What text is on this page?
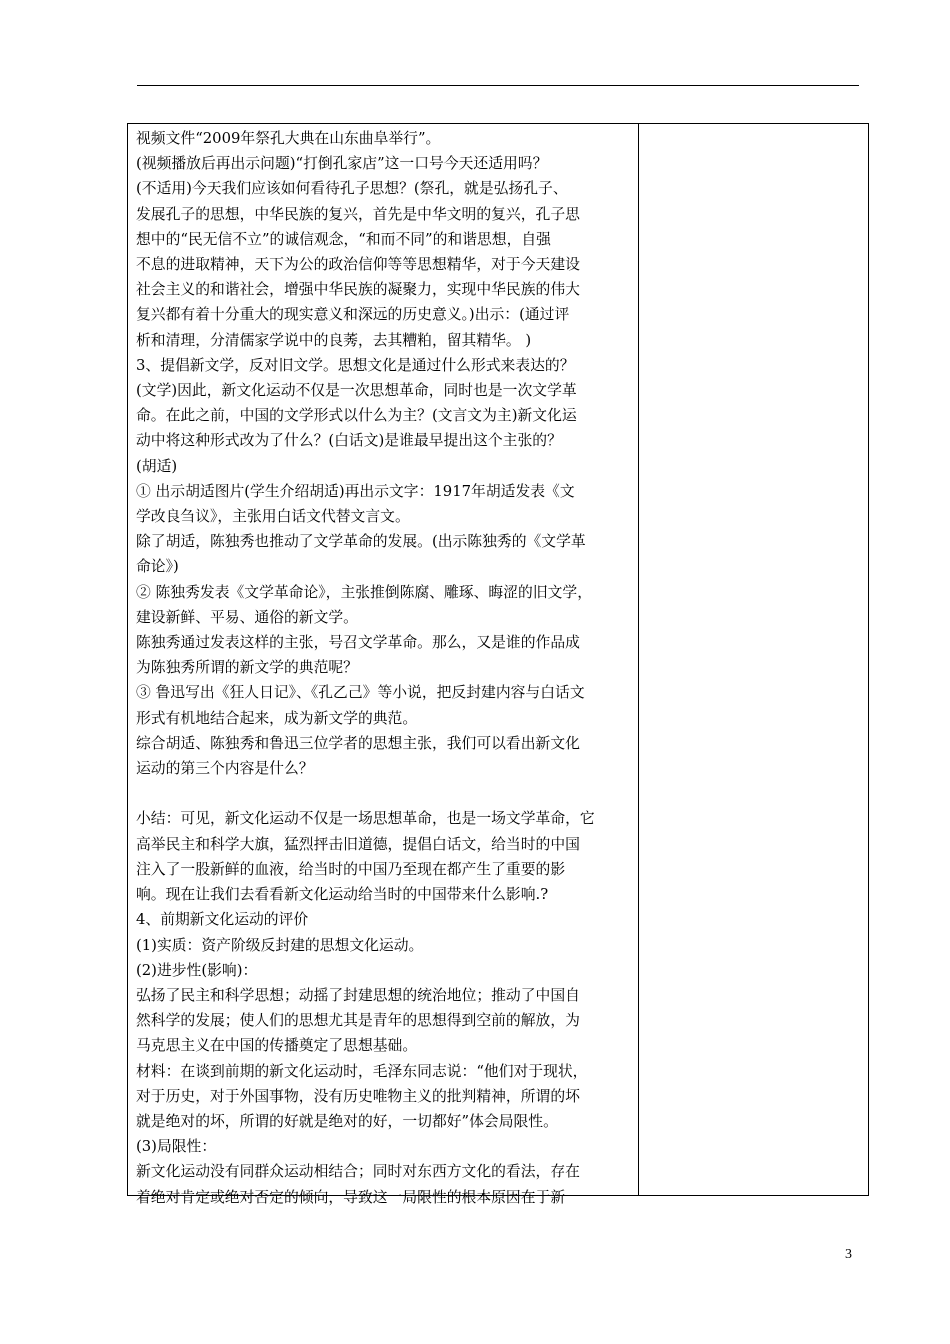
视频文件“2009年祭孔大典在山东曲阜举行”。

(视频播放后再出示问题)“打倒孔家店”这一口号今天还适用吗？

(不适用)今天我们应该如何看待孔子思想？(祭孔，就是弘扬孔子、

发展孔子的思想，中华民族的复兴，首先是中华文明的复兴，孔子思

想中的“民无信不立”的诚信观念，“和而不同”的和谐思想，自强

不息的进取精神，天下为公的政治信仰等等思想精华，对于今天建设

社会主义的和谐社会，增强中华民族的凝聚力，实现中华民族的伟大

复兴都有着十分重大的现实意义和深远的历史意义。)出示：(通过评

析和清理，分清儒家学说中的良莠，去其糟粕，留其精华。 )

3、提倡新文学，反对旧文学。思想文化是通过什么形式来表达的？

(文学)因此，新文化运动不仅是一次思想革命，同时也是一次文学革

命。在此之前，中国的文学形式以什么为主？(文言文为主)新文化运

动中将这种形式改为了什么？(白话文)是谁最早提出这个主张的？

(胡适)

① 出示胡适图片(学生介绍胡适)再出示文字：1917年胡适发表《文

学改良刍议》，主张用白话文代替文言文。

除了胡适，陈独秀也推动了文学革命的发展。(出示陈独秀的《文学革

命论》)

② 陈独秀发表《文学革命论》，主张推倒陈腐、雕琢、晦涩的旧文学，

建设新鲜、平易、通俗的新文学。

陈独秀通过发表这样的主张，号召文学革命。那么，又是谁的作品成

为陈独秀所谓的新文学的典范呢？

③ 鲁迅写出《狂人日记》、《孔乙己》等小说，把反封建内容与白话文

形式有机地结合起来，成为新文学的典范。

综合胡适、陈独秀和鲁迅三位学者的思想主张，我们可以看出新文化

运动的第三个内容是什么？

小结：可见，新文化运动不仅是一场思想革命，也是一场文学革命，它

高举民主和科学大旗，猛烈抨击旧道德，提倡白话文，给当时的中国

注入了一股新鲜的血液，给当时的中国乃至现在都产生了重要的影

响。现在让我们去看看新文化运动给当时的中国带来什么影响.?

4、前期新文化运动的评价

(1)实质：资产阶级反封建的思想文化运动。

(2)进步性(影响)：

弘扬了民主和科学思想；动摇了封建思想的统治地位；推动了中国自

然科学的发展；使人们的思想尤其是青年的思想得到空前的解放，为

马克思主义在中国的传播奠定了思想基础。

材料：在谈到前期的新文化运动时，毛泽东同志说：“他们对于现状，

对于历史，对于外国事物，没有历史唯物主义的批判精神，所谓的坏

就是绝对的坏，所谓的好就是绝对的好，一切都好”体会局限性。

(3)局限性：

新文化运动没有同群众运动相结合；同时对东西方文化的看法，存在

着绝对肯定或绝对否定的倾向，导致这一局限性的根本原因在于新

3
